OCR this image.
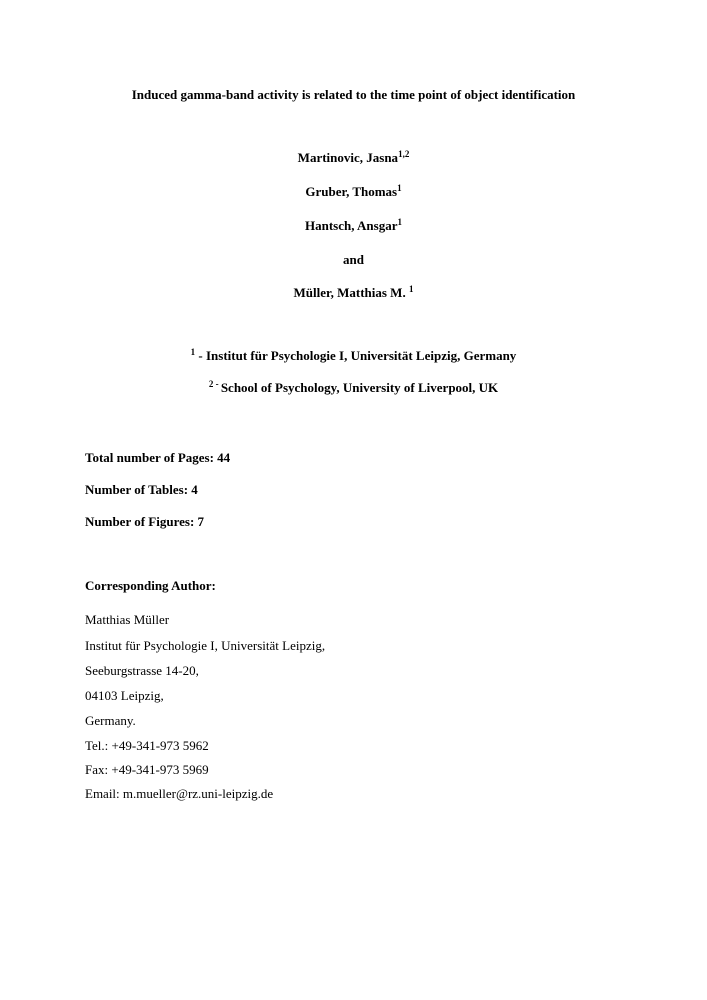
Induced gamma-band activity is related to the time point of object identification
Martinovic, Jasna$^{1,2}$
Gruber, Thomas$^1$
Hantsch, Ansgar$^1$
and
Müller, Matthias M. $^1$
$^1$ - Institut für Psychologie I, Universität Leipzig, Germany
$^{2 -}$ School of Psychology, University of Liverpool, UK
Total number of Pages: 44
Number of Tables: 4
Number of Figures: 7
Corresponding Author:
Matthias Müller
Institut für Psychologie I, Universität Leipzig,
Seeburgstrasse 14-20,
04103 Leipzig,
Germany.
Tel.: +49-341-973 5962
Fax: +49-341-973 5969
Email: m.mueller@rz.uni-leipzig.de
